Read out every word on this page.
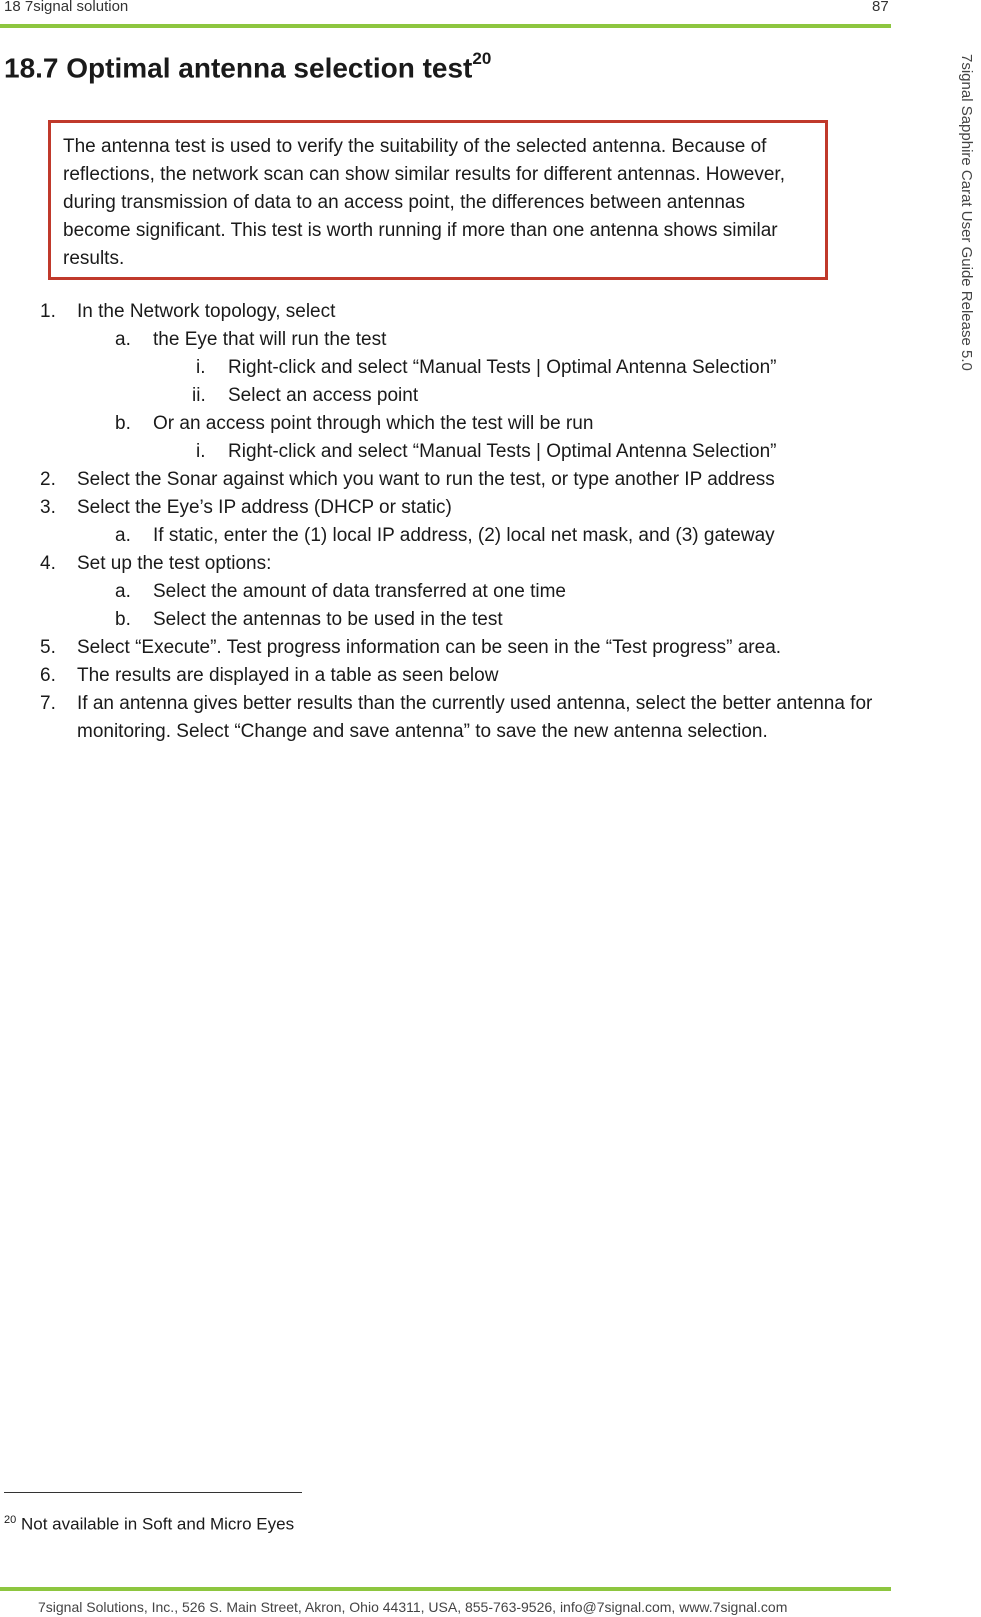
18 7signal solution	87
7signal Sapphire Carat User Guide Release 5.0
18.7 Optimal antenna selection test$^{20}$
The antenna test is used to verify the suitability of the selected antenna. Because of reflections, the network scan can show similar results for different antennas. However, during transmission of data to an access point, the differences between antennas become significant. This test is worth running if more than one antenna shows similar results.
1. In the Network topology, select
a. the Eye that will run the test
i. Right-click and select “Manual Tests | Optimal Antenna Selection”
ii. Select an access point
b. Or an access point through which the test will be run
i. Right-click and select “Manual Tests | Optimal Antenna Selection”
2. Select the Sonar against which you want to run the test, or type another IP address
3. Select the Eye’s IP address (DHCP or static)
a. If static, enter the (1) local IP address, (2) local net mask, and (3) gateway
4. Set up the test options:
a. Select the amount of data transferred at one time
b. Select the antennas to be used in the test
5. Select “Execute”. Test progress information can be seen in the “Test progress” area.
6. The results are displayed in a table as seen below
7. If an antenna gives better results than the currently used antenna, select the better antenna for monitoring. Select “Change and save antenna” to save the new antenna selection.
$^{20}$ Not available in Soft and Micro Eyes
7signal Solutions, Inc., 526 S. Main Street, Akron, Ohio 44311, USA, 855-763-9526, info@7signal.com, www.7signal.com
